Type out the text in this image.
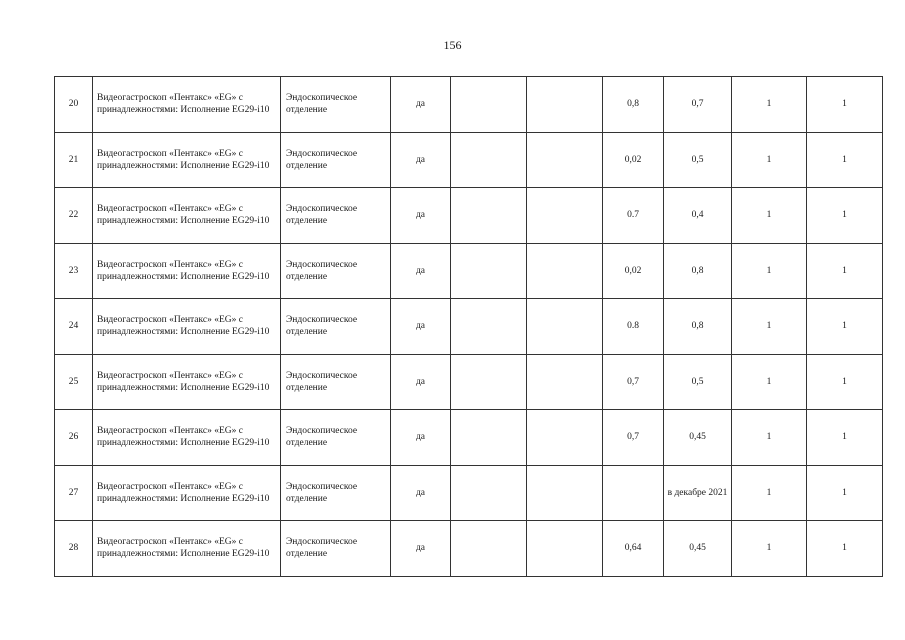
156
20	Видеогастроскоп «Пентакс» «EG» с принадлежностями: Исполнение EG29-i10	Эндоскопическое отделение	да			0,8	0,7	1	1
21	Видеогастроскоп «Пентакс» «EG» с принадлежностями: Исполнение EG29-i10	Эндоскопическое отделение	да			0,02	0,5	1	1
22	Видеогастроскоп «Пентакс» «EG» с принадлежностями: Исполнение EG29-i10	Эндоскопическое отделение	да			0.7	0,4	1	1
23	Видеогастроскоп «Пентакс» «EG» с принадлежностями: Исполнение EG29-i10	Эндоскопическое отделение	да			0,02	0,8	1	1
24	Видеогастроскоп «Пентакс» «EG» с принадлежностями: Исполнение EG29-i10	Эндоскопическое отделение	да			0.8	0,8	1	1
25	Видеогастроскоп «Пентакс» «EG» с принадлежностями: Исполнение EG29-i10	Эндоскопическое отделение	да			0,7	0,5	1	1
26	Видеогастроскоп «Пентакс» «EG» с принадлежностями: Исполнение EG29-i10	Эндоскопическое отделение	да			0,7	0,45	1	1
27	Видеогастроскоп «Пентакс» «EG» с принадлежностями: Исполнение EG29-i10	Эндоскопическое отделение	да				в декабре 2021	1	1
28	Видеогастроскоп «Пентакс» «EG» с принадлежностями: Исполнение EG29-i10	Эндоскопическое отделение	да			0,64	0,45	1	1
